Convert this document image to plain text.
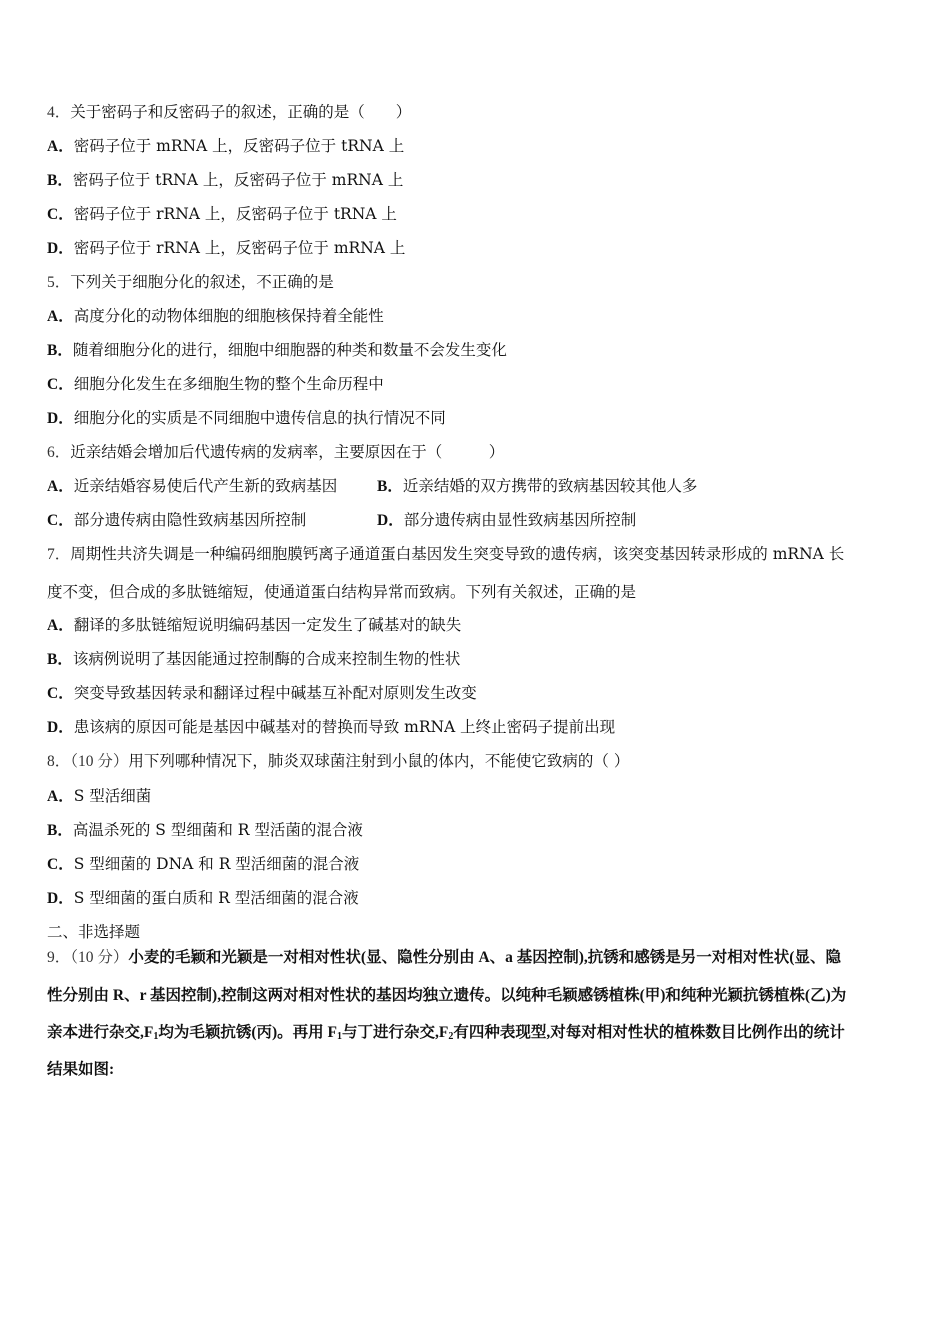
4．关于密码子和反密码子的叙述，正确的是（　　）
A．密码子位于 mRNA 上，反密码子位于 tRNA 上
B．密码子位于 tRNA 上，反密码子位于 mRNA 上
C．密码子位于 rRNA 上，反密码子位于 tRNA 上
D．密码子位于 rRNA 上，反密码子位于 mRNA 上
5．下列关于细胞分化的叙述，不正确的是
A．高度分化的动物体细胞的细胞核保持着全能性
B．随着细胞分化的进行，细胞中细胞器的种类和数量不会发生变化
C．细胞分化发生在多细胞生物的整个生命历程中
D．细胞分化的实质是不同细胞中遗传信息的执行情况不同
6．近亲结婚会增加后代遗传病的发病率，主要原因在于（　　　）
A．近亲结婚容易使后代产生新的致病基因	B．近亲结婚的双方携带的致病基因较其他人多
C．部分遗传病由隐性致病基因所控制	D．部分遗传病由显性致病基因所控制
7．周期性共济失调是一种编码细胞膜钙离子通道蛋白基因发生突变导致的遗传病，该突变基因转录形成的 mRNA 长
度不变，但合成的多肽链缩短，使通道蛋白结构异常而致病。下列有关叙述，正确的是
A．翻译的多肽链缩短说明编码基因一定发生了碱基对的缺失
B．该病例说明了基因能通过控制酶的合成来控制生物的性状
C．突变导致基因转录和翻译过程中碱基互补配对原则发生改变
D．患该病的原因可能是基因中碱基对的替换而导致 mRNA 上终止密码子提前出现
8．（10 分）用下列哪种情况下，肺炎双球菌注射到小鼠的体内，不能使它致病的（ ）
A．S 型活细菌
B．高温杀死的 S 型细菌和 R 型活菌的混合液
C．S 型细菌的 DNA 和 R 型活细菌的混合液
D．S 型细菌的蛋白质和 R 型活细菌的混合液
二、非选择题
9．（10 分）小麦的毛颖和光颖是一对相对性状(显、隐性分别由 A、a 基因控制),抗锈和感锈是另一对相对性状(显、隐
性分别由 R、r 基因控制),控制这两对相对性状的基因均独立遗传。以纯种毛颖感锈植株(甲)和纯种光颖抗锈植株(乙)为
亲本进行杂交$,F_1$均为毛颖抗锈(丙)。再用 $F_1$与丁进行杂交$,F_2$有四种表现型,对每对相对性状的植株数目比例作出的统计
结果如图:
